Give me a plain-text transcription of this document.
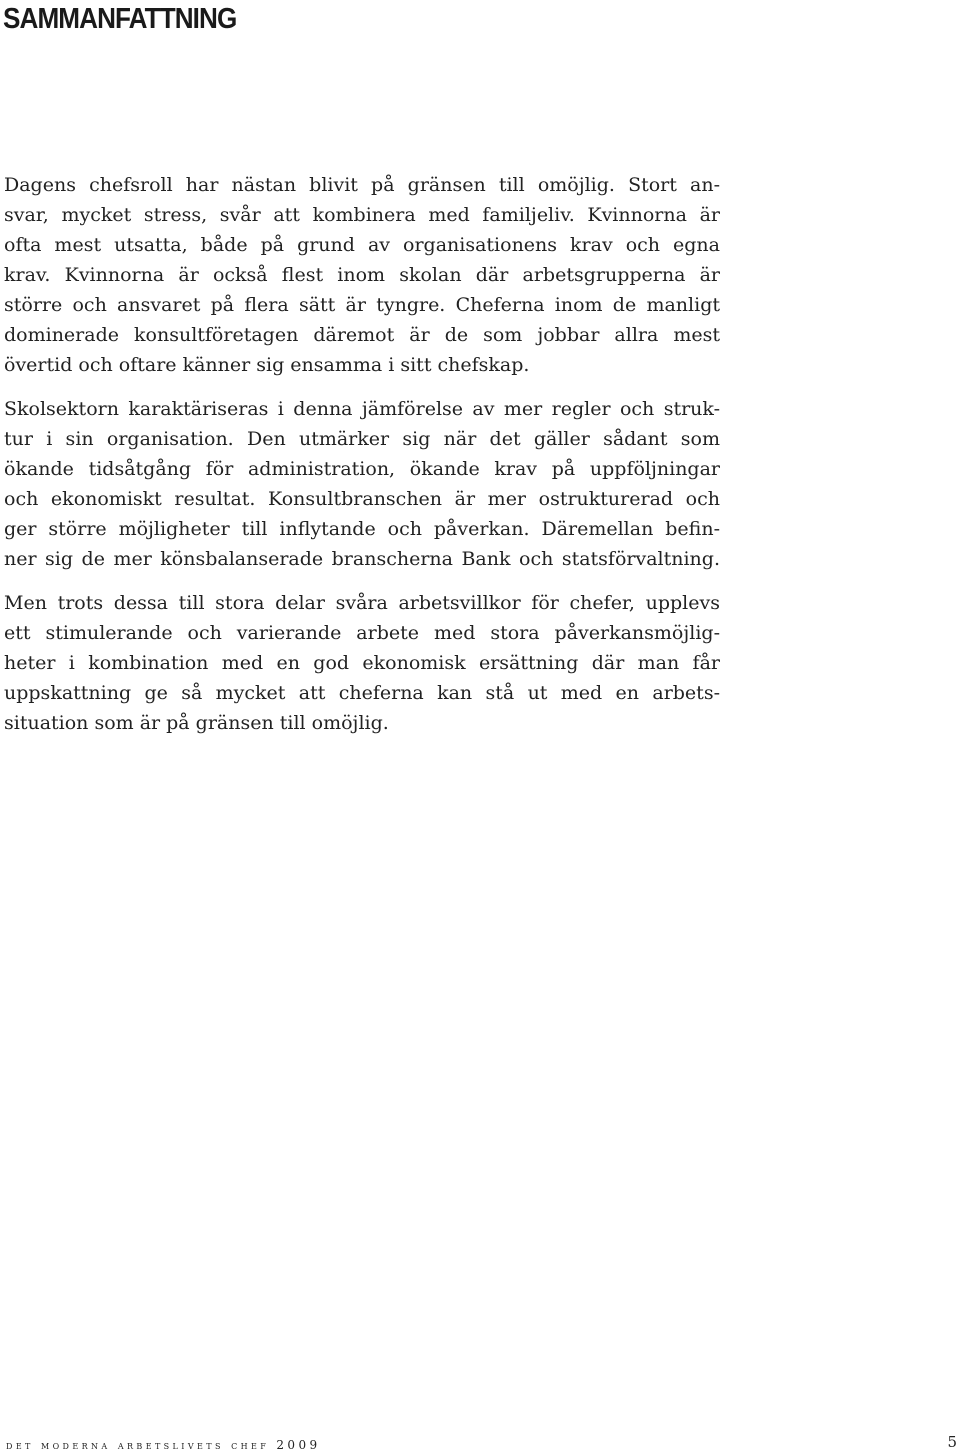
SAMMANFATTNING

Dagens chefsroll har nästan blivit på gränsen till omöjlig. Stort an-
svar, mycket stress, svår att kombinera med familjeliv. Kvinnorna är
ofta mest utsatta, både på grund av organisationens krav och egna
krav. Kvinnorna är också flest inom skolan där arbetsgrupperna är
större och ansvaret på flera sätt är tyngre. Cheferna inom de manligt
dominerade konsultföretagen däremot är de som jobbar allra mest
övertid och oftare känner sig ensamma i sitt chefskap.

Skolsektorn karaktäriseras i denna jämförelse av mer regler och struk-
tur i sin organisation. Den utmärker sig när det gäller sådant som
ökande tidsåtgång för administration, ökande krav på uppföljningar
och ekonomiskt resultat. Konsultbranschen är mer ostrukturerad och
ger större möjligheter till inflytande och påverkan. Däremellan befin-
ner sig de mer könsbalanserade branscherna Bank och statsförvaltning.

Men trots dessa till stora delar svåra arbetsvillkor för chefer, upplevs
ett stimulerande och varierande arbete med stora påverkansmöjlig-
heter i kombination med en god ekonomisk ersättning där man får
uppskattning ge så mycket att cheferna kan stå ut med en arbets-
situation som är på gränsen till omöjlig.

det moderna arbetslivets chef 2009	5
